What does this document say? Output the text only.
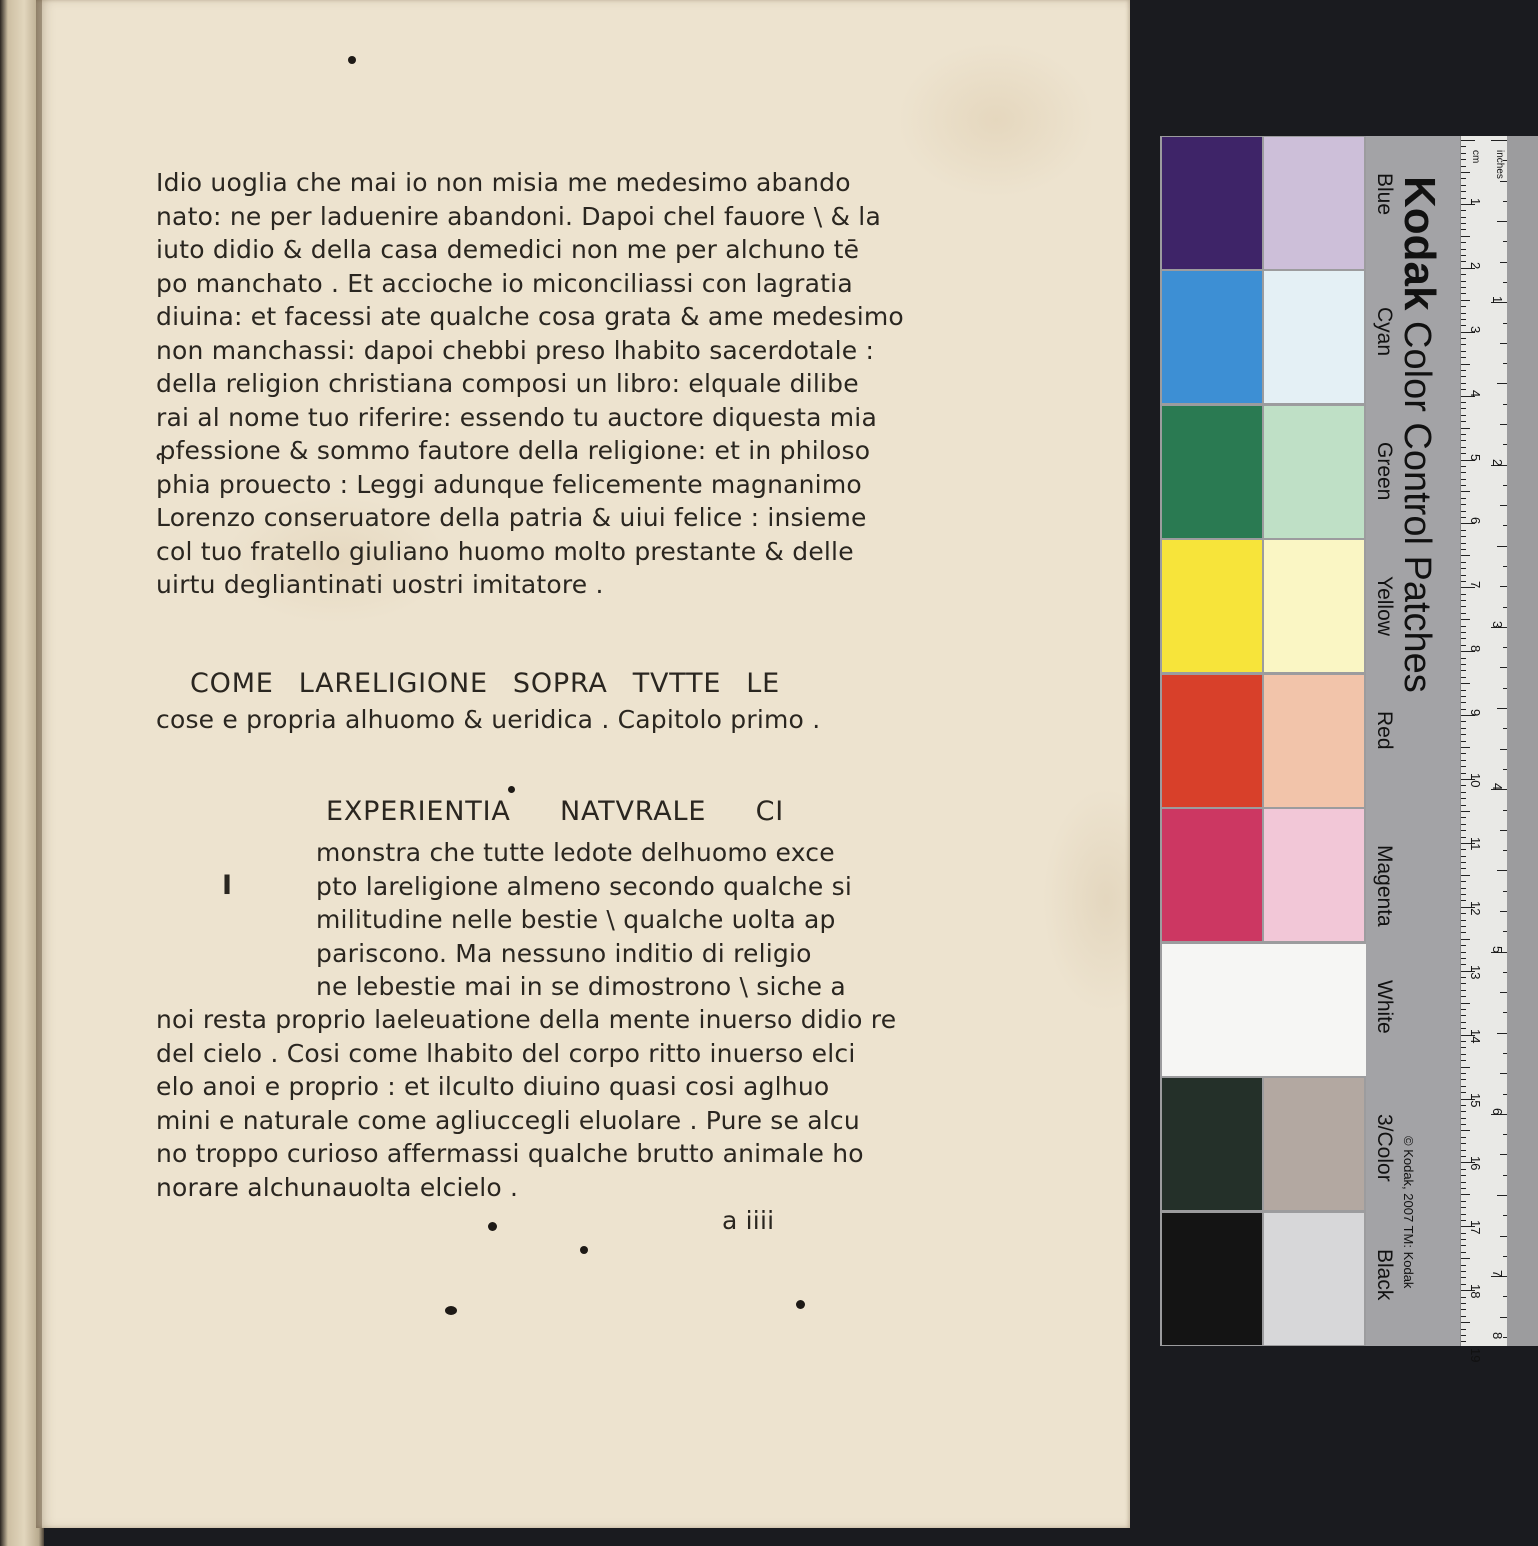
Idio uoglia che mai io non misia me medesimo abando
nato: ne per laduenire abandoni. Dapoi chel fauore \ & la
iuto didio & della casa demedici non me per alchuno tē
po manchato . Et accioche io miconciliassi con lagratia
diuina: et facessi ate qualche cosa grata & ame medesimo
non manchassi: dapoi chebbi preso lhabito sacerdotale :
della religion christiana composi un libro: elquale dilibe
rai al nome tuo riferire: essendo tu auctore diquesta mia
ꝓfessione & sommo fautore della religione: et in philoso
phia prouecto : Leggi adunque felicemente magnanimo
Lorenzo conseruatore della patria & uiui felice : insieme
col tuo fratello giuliano huomo molto prestante & delle
uirtu degliantinati uostri imitatore .
COME LARELIGIONE SOPRA TVTTE LE
cose e propria alhuomo & ueridica . Capitolo primo .
EXPERIENTIA NATVRALE CI
I
monstra che tutte ledote delhuomo exce
pto lareligione almeno secondo qualche si
militudine nelle bestie \ qualche uolta ap
pariscono. Ma nessuno inditio di religio
ne lebestie mai in se dimostrono \ siche a
noi resta proprio laeleuatione della mente inuerso didio re
del cielo . Cosi come lhabito del corpo ritto inuerso elci
elo anoi e proprio : et ilculto diuino quasi cosi aglhuo
mini e naturale come agliuccegli eluolare . Pure se alcu
no troppo curioso affermassi qualche brutto animale ho
norare alchunauolta elcielo .
a iiii
Blue
Cyan
Green
Yellow
Red
Magenta
White
3/Color
Black
Kodak Color Control Patches
© Kodak, 2007 TM: Kodak
1
2
3
4
5
6
7
8
9
10
11
12
13
14
15
16
17
18
19
1
2
3
4
5
6
7
8
cm inches
